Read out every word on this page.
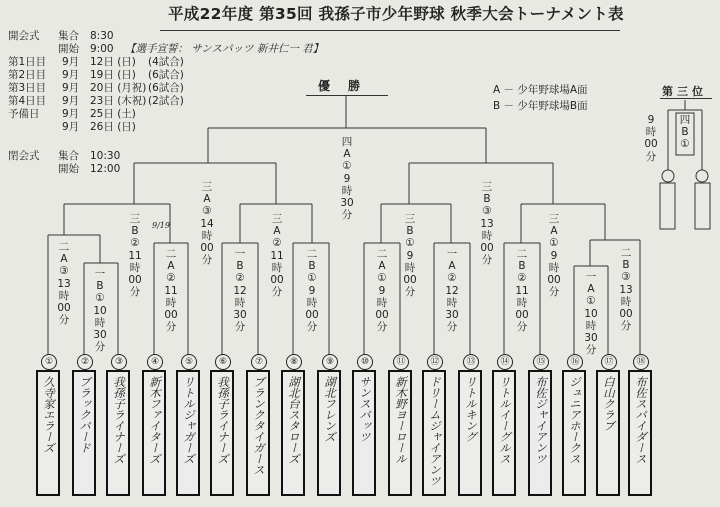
平成22年度 第35回 我孫子市少年野球 秋季大会トーナメント表
開会式 集合 8:30
開始 9:00 【選手宣誓： サンスパッツ 新井仁一 君】
第1日目 9月 12日 (日) (4試合)
第2日目 9月 19日 (日) (6試合)
第3日目 9月 20日 (月祝) (6試合)
第4日目 9月 23日 (木祝) (2試合)
予備日 9月 25日 (土)
9月 26日 (日)
閉会式 集合 10:30
開始 12:00
優勝	A － 少年野球場A面
B － 少年野球場B面
第三位
四
A
①
9
時
30
分
三
A
③
14
時
00
分
三
B
③
13
時
00
分
三
B
②
11
時
00
分
9/19
三
A
②
11
時
00
分
三
B
①
9
時
00
分
三
A
①
9
時
00
分
二
A
③
13
時
00
分
一
B
①
10
時
30
分
二
A
②
11
時
00
分
一
B
②
12
時
30
分
二
B
①
9
時
00
分
二
A
①
9
時
00
分
一
A
②
12
時
30
分
二
B
②
11
時
00
分
一
A
①
10
時
30
分
二
B
③
13
時
00
分
四
B
①
9
時
00
分
①	②	③	④	⑤	⑥	⑦	⑧	⑨	⑩	⑪	⑫	⑬	⑭	⑮	⑯	⑰	⑱
久寺家エラーズ ブラックバード 我孫子ライナーズ 新木ファイターズ リトルジャガーズ 我孫子ライナーズ ブランクタイガース 湖北台スタローズ 湖北フレンズ サンスパッツ 新木野ヨーロール ドリームジャイアンツ リトルキング リトルイーグルス 布佐ジャイアンツ ジュニアホークス 白山クラブ 布佐スパイダース
